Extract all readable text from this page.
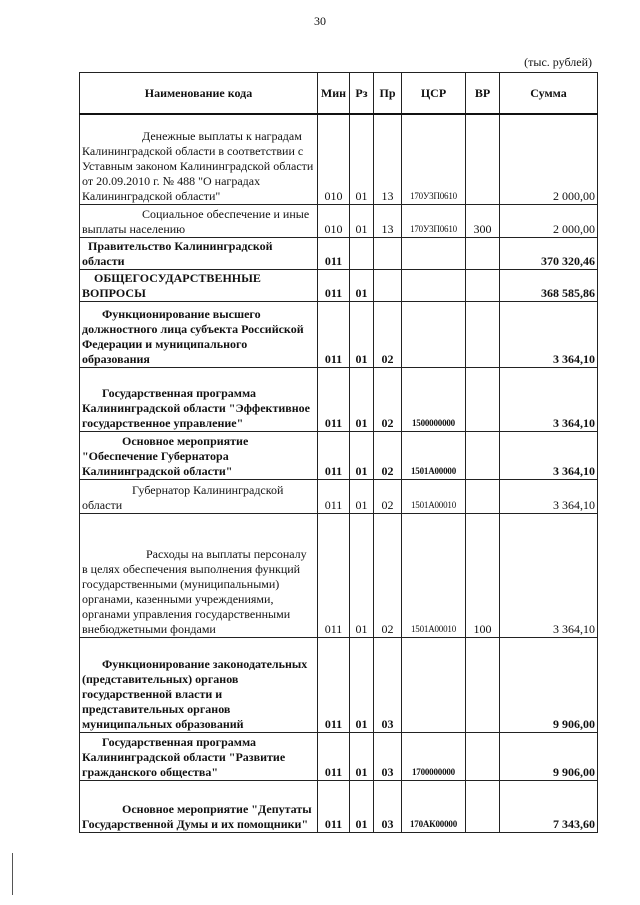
30
(тыс. рублей)
Наименование кода	Мин	Рз	Пр	ЦСР	ВР	Сумма
Денежные выплаты к наградам Калининградской области в соответствии с Уставным законом Калининградской области от 20.09.2010 г. № 488 "О наградах Калининградской области"	010	01	13	170У3П0610		2 000,00
Социальное обеспечение и иные выплаты населению	010	01	13	170У3П0610	300	2 000,00
Правительство Калининградской области	011					370 320,46
ОБЩЕГОСУДАРСТВЕННЫЕ ВОПРОСЫ	011	01				368 585,86
Функционирование высшего должностного лица субъекта Российской Федерации и муниципального образования	011	01	02			3 364,10
Государственная программа Калининградской области "Эффективное государственное управление"	011	01	02	1500000000		3 364,10
Основное мероприятие "Обеспечение Губернатора Калининградской области"	011	01	02	1501А00000		3 364,10
Губернатор Калининградской области	011	01	02	1501А00010		3 364,10
Расходы на выплаты персоналу в целях обеспечения выполнения функций государственными (муниципальными) органами, казенными учреждениями, органами управления государственными внебюджетными фондами	011	01	02	1501А00010	100	3 364,10
Функционирование законодательных (представительных) органов государственной власти и представительных органов муниципальных образований	011	01	03			9 906,00
Государственная программа Калининградской области "Развитие гражданского общества"	011	01	03	1700000000		9 906,00
Основное мероприятие "Депутаты Государственной Думы и их помощники"	011	01	03	170АК00000		7 343,60
